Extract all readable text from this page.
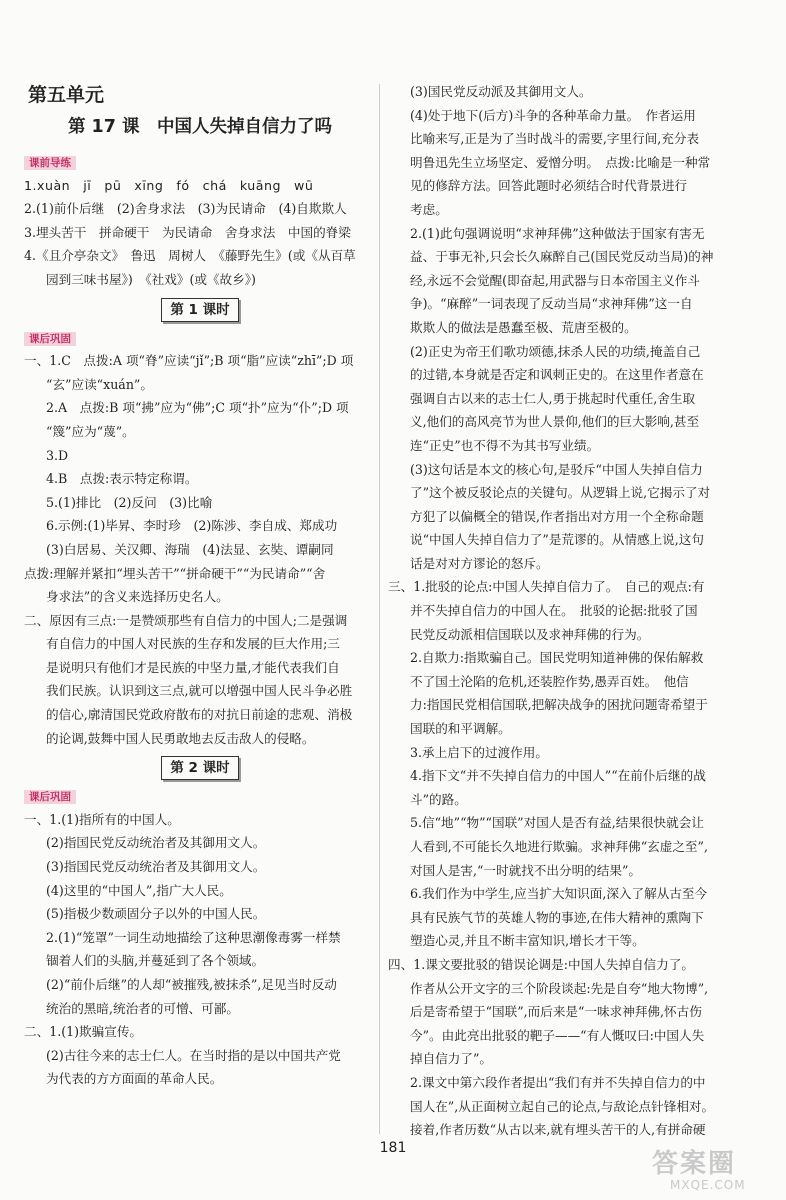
第五单元
第 17 课　中国人失掉自信力了吗
课前导练

1.xuàn　jī　pū　xīng　fó　chá　kuāng　wū

2.(1)前仆后继　(2)舍身求法　(3)为民请命　(4)自欺欺人

3.埋头苦干　拼命硬干　为民请命　舍身求法　中国的脊梁

4.《且介亭杂文》　鲁迅　周树人　《藤野先生》(或《从百草

园到三味书屋》)　《社戏》(或《故乡》)

第 1 课时
课后巩固

一、1.C　点拨:A 项“脊”应读“jǐ”;B 项“脂”应读“zhī”;D 项

“玄”应读“xuán”。

2.A　点拨:B 项“拂”应为“佛”;C 项“扑”应为“仆”;D 项

“篾”应为“蔑”。

3.D

4.B　点拨:表示特定称谓。

5.(1)排比　(2)反问　(3)比喻

6.示例:(1)毕昇、李时珍　(2)陈涉、李自成、郑成功

(3)白居易、关汉卿、海瑞　(4)法显、玄奘、谭嗣同

点拨:理解并紧扣“埋头苦干”“拼命硬干”“为民请命”“舍

身求法”的含义来选择历史名人。

二、原因有三点:一是赞颂那些有自信力的中国人;二是强调

有自信力的中国人对民族的生存和发展的巨大作用;三

是说明只有他们才是民族的中坚力量,才能代表我们自

我们民族。认识到这三点,就可以增强中国人民斗争必胜

的信心,廓清国民党政府散布的对抗日前途的悲观、消极

的论调,鼓舞中国人民勇敢地去反击敌人的侵略。

第 2 课时
课后巩固

一、1.(1)指所有的中国人。

(2)指国民党反动统治者及其御用文人。

(3)指国民党反动统治者及其御用文人。

(4)这里的“中国人”,指广大人民。

(5)指极少数顽固分子以外的中国人民。

2.(1)“笼罩”一词生动地描绘了这种思潮像毒雾一样禁

锢着人们的头脑,并蔓延到了各个领域。

(2)“前仆后继”的人却“被摧残,被抹杀”,足见当时反动

统治的黑暗,统治者的可憎、可鄙。

二、1.(1)欺骗宣传。

(2)古往今来的志士仁人。在当时指的是以中国共产党

为代表的方方面面的革命人民。

(3)国民党反动派及其御用文人。

(4)处于地下(后方)斗争的各种革命力量。　作者运用

比喻来写,正是为了当时战斗的需要,字里行间,充分表

明鲁迅先生立场坚定、爱憎分明。　点拨:比喻是一种常

见的修辞方法。回答此题时必须结合时代背景进行

考虑。

2.(1)此句强调说明“求神拜佛”这种做法于国家有害无

益、于事无补,只会长久麻醉自己(国民党反动当局)的神

经,永远不会觉醒(即奋起,用武器与日本帝国主义作斗

争)。“麻醉”一词表现了反动当局“求神拜佛”这一自

欺欺人的做法是愚蠢至极、荒唐至极的。

(2)正史为帝王们歌功颂德,抹杀人民的功绩,掩盖自己

的过错,本身就是否定和讽刺正史的。在这里作者意在

强调自古以来的志士仁人,勇于挑起时代重任,舍生取

义,他们的高风亮节为世人景仰,他们的巨大影响,甚至

连“正史”也不得不为其书写业绩。

(3)这句话是本文的核心句,是驳斥“中国人失掉自信力

了”这个被反驳论点的关键句。从逻辑上说,它揭示了对

方犯了以偏概全的错误,作者指出对方用一个全称命题

说“中国人失掉自信力了”是荒谬的。从情感上说,这句

话是对对方谬论的怒斥。

三、1.批驳的论点:中国人失掉自信力了。　自己的观点:有

并不失掉自信力的中国人在。　批驳的论据:批驳了国

民党反动派相信国联以及求神拜佛的行为。

2.自欺力:指欺骗自己。国民党明知道神佛的保佑解救

不了国土沦陷的危机,还装腔作势,愚弄百姓。　他信

力:指国民党相信国联,把解决战争的困扰问题寄希望于

国联的和平调解。

3.承上启下的过渡作用。

4.指下文“并不失掉自信力的中国人”“在前仆后继的战

斗”的路。

5.信“地”“物”“国联”对国人是否有益,结果很快就会让

人看到,不可能长久地进行欺骗。求神拜佛“玄虚之至”,

对国人是害,“一时就找不出分明的结果”。

6.我们作为中学生,应当扩大知识面,深入了解从古至今

具有民族气节的英雄人物的事迹,在伟大精神的熏陶下

塑造心灵,并且不断丰富知识,增长才干等。

四、1.课文要批驳的错误论调是:中国人失掉自信力了。

作者从公开文字的三个阶段谈起:先是自夸“地大物博”,

后是寄希望于“国联”,而后来是“一味求神拜佛,怀古伤

今”。由此亮出批驳的靶子——“有人慨叹曰:中国人失

掉自信力了”。

2.课文中第六段作者提出“我们有并不失掉自信力的中

国人在”,从正面树立起自己的论点,与敌论点针锋相对。

接着,作者历数“从古以来,就有埋头苦干的人,有拼命硬

181
答案圈
MXQE.COM
